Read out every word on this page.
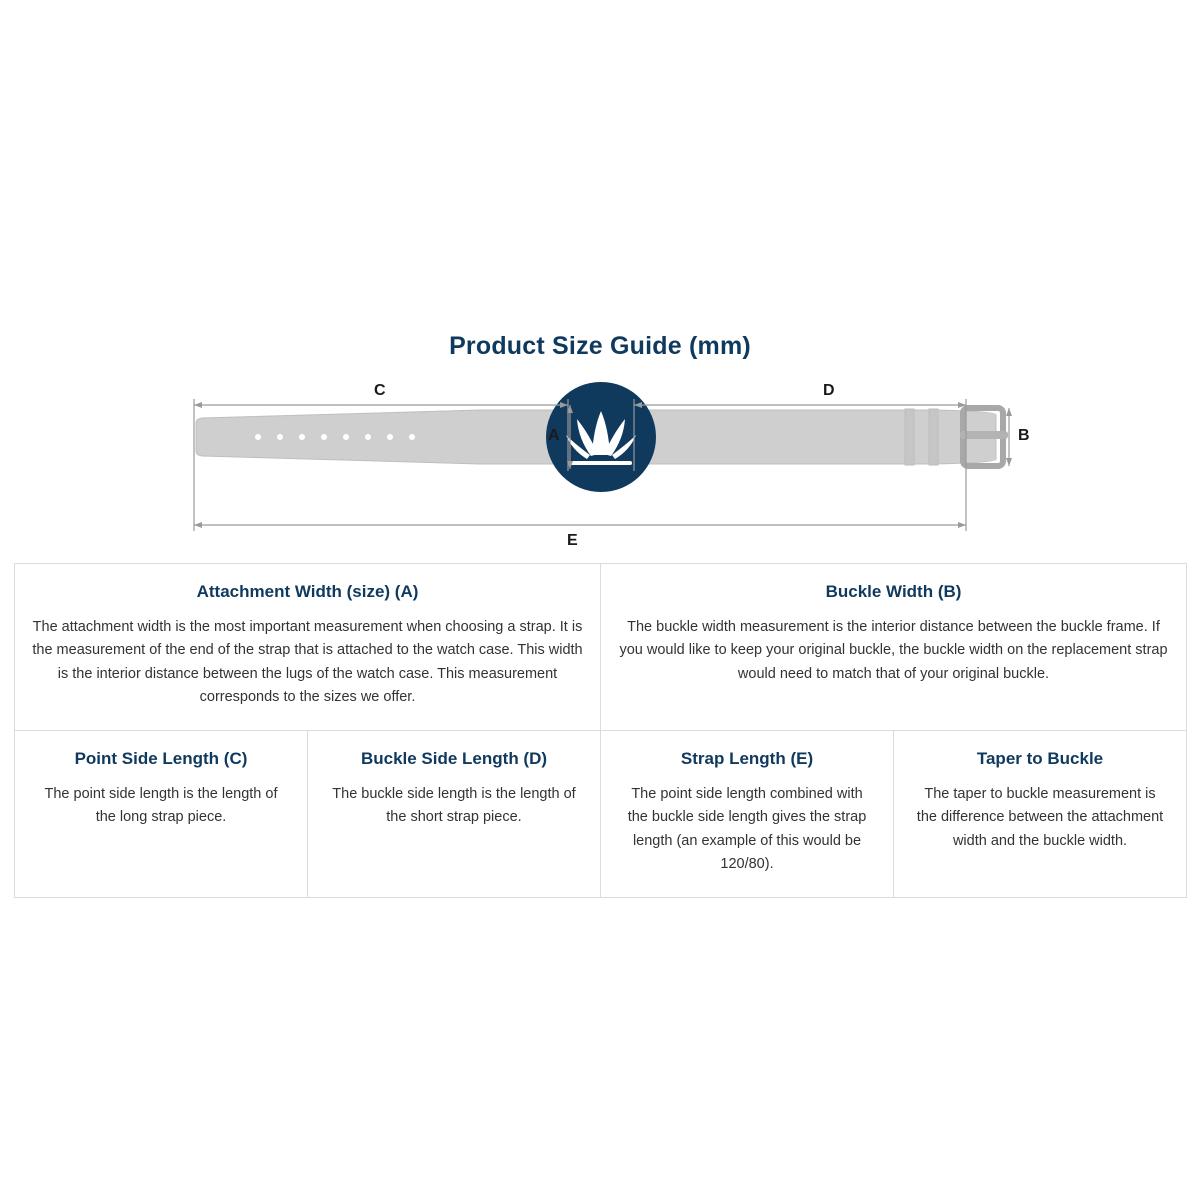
Product Size Guide (mm)
C	D
A	B
E
Attachment Width (size) (A)

The attachment width is the most important measurement when choosing a strap. It is the measurement of the end of the strap that is attached to the watch case. This width is the interior distance between the lugs of the watch case. This measurement corresponds to the sizes we offer.

Buckle Width (B)

The buckle width measurement is the interior distance between the buckle frame. If you would like to keep your original buckle, the buckle width on the replacement strap would need to match that of your original buckle.

Point Side Length (C)

The point side length is the length of the long strap piece.

Buckle Side Length (D)

The buckle side length is the length of the short strap piece.

Strap Length (E)

The point side length combined with the buckle side length gives the strap length (an example of this would be 120/80).

Taper to Buckle

The taper to buckle measurement is the difference between the attachment width and the buckle width.
